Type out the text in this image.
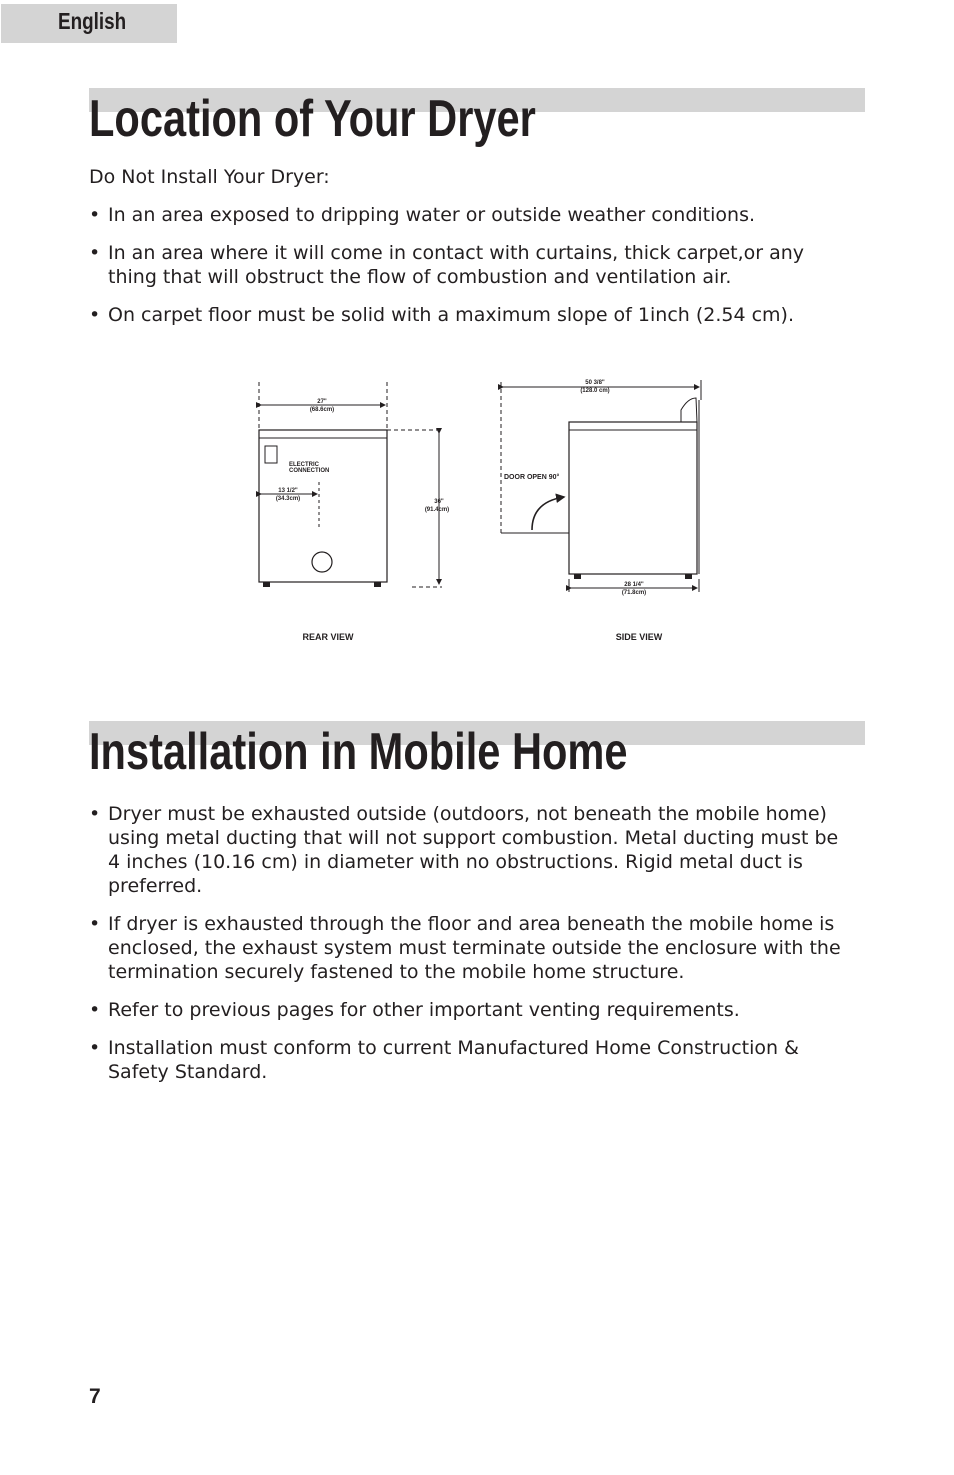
English
Location of Your Dryer

Do Not Install Your Dryer:

• In an area exposed to dripping water or outside weather conditions.
• In an area where it will come in contact with curtains, thick carpet,or any thing that will obstruct the flow of combustion and ventilation air.
• On carpet floor must be solid with a maximum slope of 1inch (2.54 cm).
27"
(68.6cm)
ELECTRIC
CONNECTION
13 1/2"
(34.3cm)	36"
(91.4cm)
REAR VIEW
50 3/8"
(128.0 cm)
DOOR OPEN 90°
28 1/4"
(71.8cm)
SIDE VIEW
Installation in Mobile Home
• Dryer must be exhausted outside (outdoors, not beneath the mobile home) using metal ducting that will not support combustion. Metal ducting must be 4 inches (10.16 cm) in diameter with no obstructions. Rigid metal duct is preferred.
• If dryer is exhausted through the floor and area beneath the mobile home is enclosed, the exhaust system must terminate outside the enclosure with the termination securely fastened to the mobile home structure.
• Refer to previous pages for other important venting requirements.
• Installation must conform to current Manufactured Home Construction & Safety Standard.
7
